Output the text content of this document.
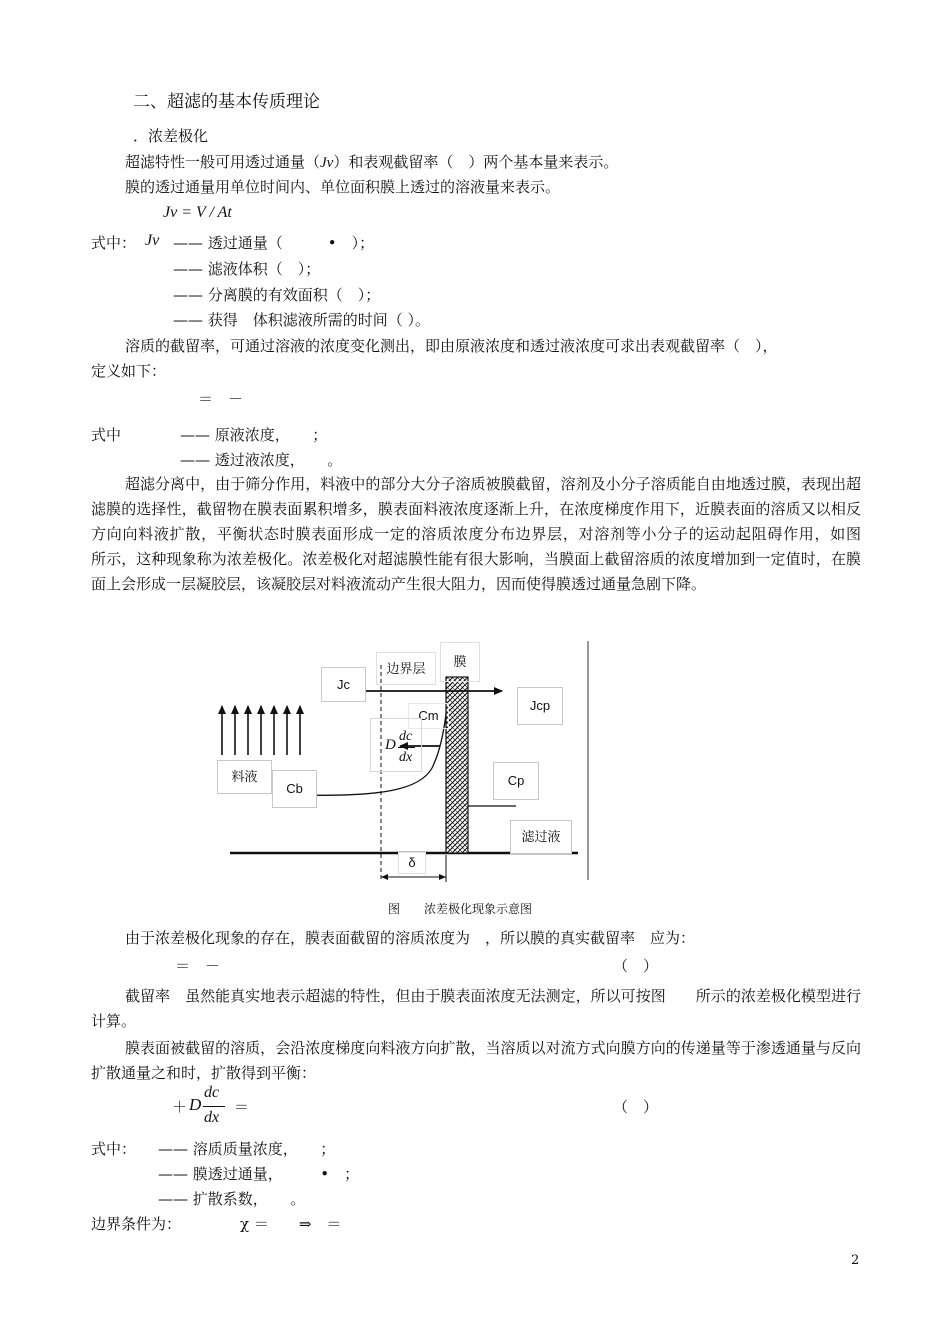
二、超滤的基本传质理论
．浓差极化
超滤特性一般可用透过通量（Jv）和表观截留率（　）两个基本量来表示。
膜的透过通量用单位时间内、单位面积膜上透过的溶液量来表示。
Jv = V / At
式中： Jv —— 透过通量（　　　•　）；
—— 滤液体积（　）；
—— 分离膜的有效面积（　）；
—— 获得　体积滤液所需的时间（ ）。
溶质的截留率，可通过溶液的浓度变化测出，即由原液浓度和透过液浓度可求出表观截留率（　），
定义如下：
＝　－
式中	—— 原液浓度，　　；
—— 透过液浓度，　　。
超滤分离中，由于筛分作用，料液中的部分大分子溶质被膜截留，溶剂及小分子溶质能自由地透过膜，表现出超滤膜的选择性，截留物在膜表面累积增多，膜表面料液浓度逐渐上升，在浓度梯度作用下，近膜表面的溶质又以相反方向向料液扩散，平衡状态时膜表面形成一定的溶质浓度分布边界层，对溶剂等小分子的运动起阻碍作用，如图　　所示，这种现象称为浓差极化。浓差极化对超滤膜性能有很大影响，当膜面上截留溶质的浓度增加到一定值时，在膜面上会形成一层凝胶层，该凝胶层对料液流动产生很大阻力，因而使得膜透过通量急剧下降。
Jc
边界层	膜
Jcp
Cm
D
dc
dx
料液
Cb
Cp
滤过液
δ
图　　浓差极化现象示意图
由于浓差极化现象的存在，膜表面截留的溶质浓度为　，所以膜的真实截留率　应为：
＝　－	（　）
截留率　虽然能真实地表示超滤的特性，但由于膜表面浓度无法测定，所以可按图　　所示的浓差极化模型进行计算。
膜表面被截留的溶质，会沿浓度梯度向料液方向扩散，当溶质以对流方式向膜方向的传递量等于渗透通量与反向扩散通量之和时，扩散得到平衡：
＋ D
dc
dx
＝	（　）
式中： —— 溶质质量浓度，　　；
—— 膜透过通量，　　　•　；
—— 扩散系数，　　。
边界条件为：	χ ＝　　⇒　＝
2
